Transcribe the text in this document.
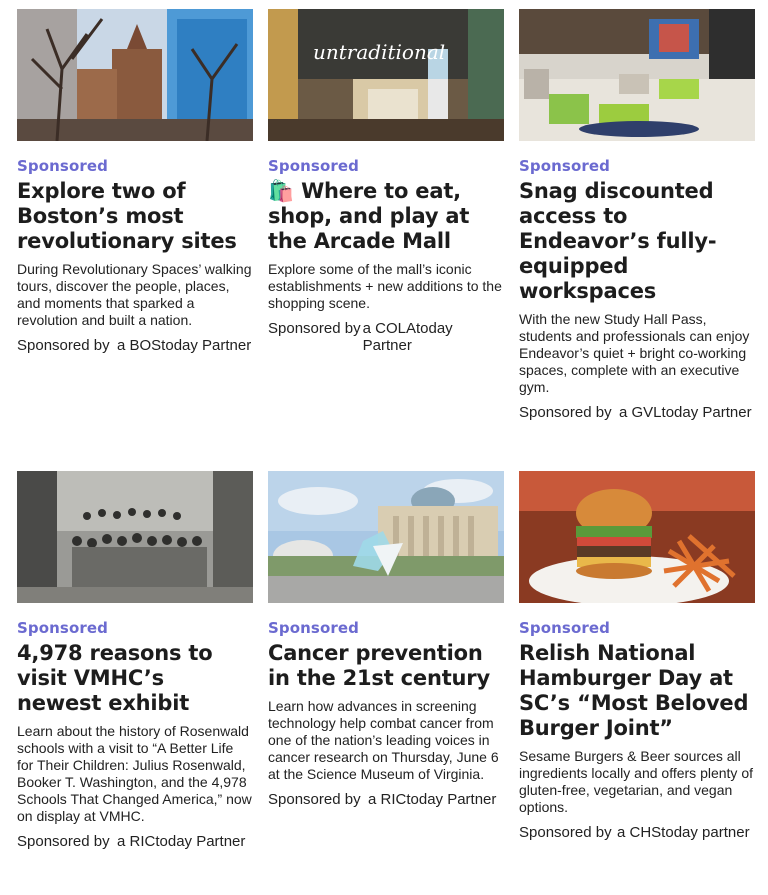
Sponsored
Explore two of Boston’s most revolutionary sites
During Revolutionary Spaces’ walking tours, discover the people, places, and moments that sparked a revolution and built a nation.
Sponsored by a BOStoday Partner
untraditional
Sponsored
🛍️ Where to eat, shop, and play at the Arcade Mall
Explore some of the mall’s iconic establishments + new additions to the shopping scene.
Sponsored by a COLAtoday Partner
Sponsored
Snag discounted access to Endeavor’s fully-equipped workspaces
With the new Study Hall Pass, students and professionals can enjoy Endeavor’s quiet + bright co-working spaces, complete with an executive gym.
Sponsored by a GVLtoday Partner
Sponsored
4,978 reasons to visit VMHC’s newest exhibit
Learn about the history of Rosenwald schools with a visit to “A Better Life for Their Children: Julius Rosenwald, Booker T. Washington, and the 4,978 Schools That Changed America,” now on display at VMHC.
Sponsored by a RICtoday Partner
Sponsored
Cancer prevention in the 21st century
Learn how advances in screening technology help combat cancer from one of the nation’s leading voices in cancer research on Thursday, June 6 at the Science Museum of Virginia.
Sponsored by a RICtoday Partner
Sponsored
Relish National Hamburger Day at SC’s “Most Beloved Burger Joint”
Sesame Burgers & Beer sources all ingredients locally and offers plenty of gluten-free, vegetarian, and vegan options.
Sponsored by a CHStoday partner
